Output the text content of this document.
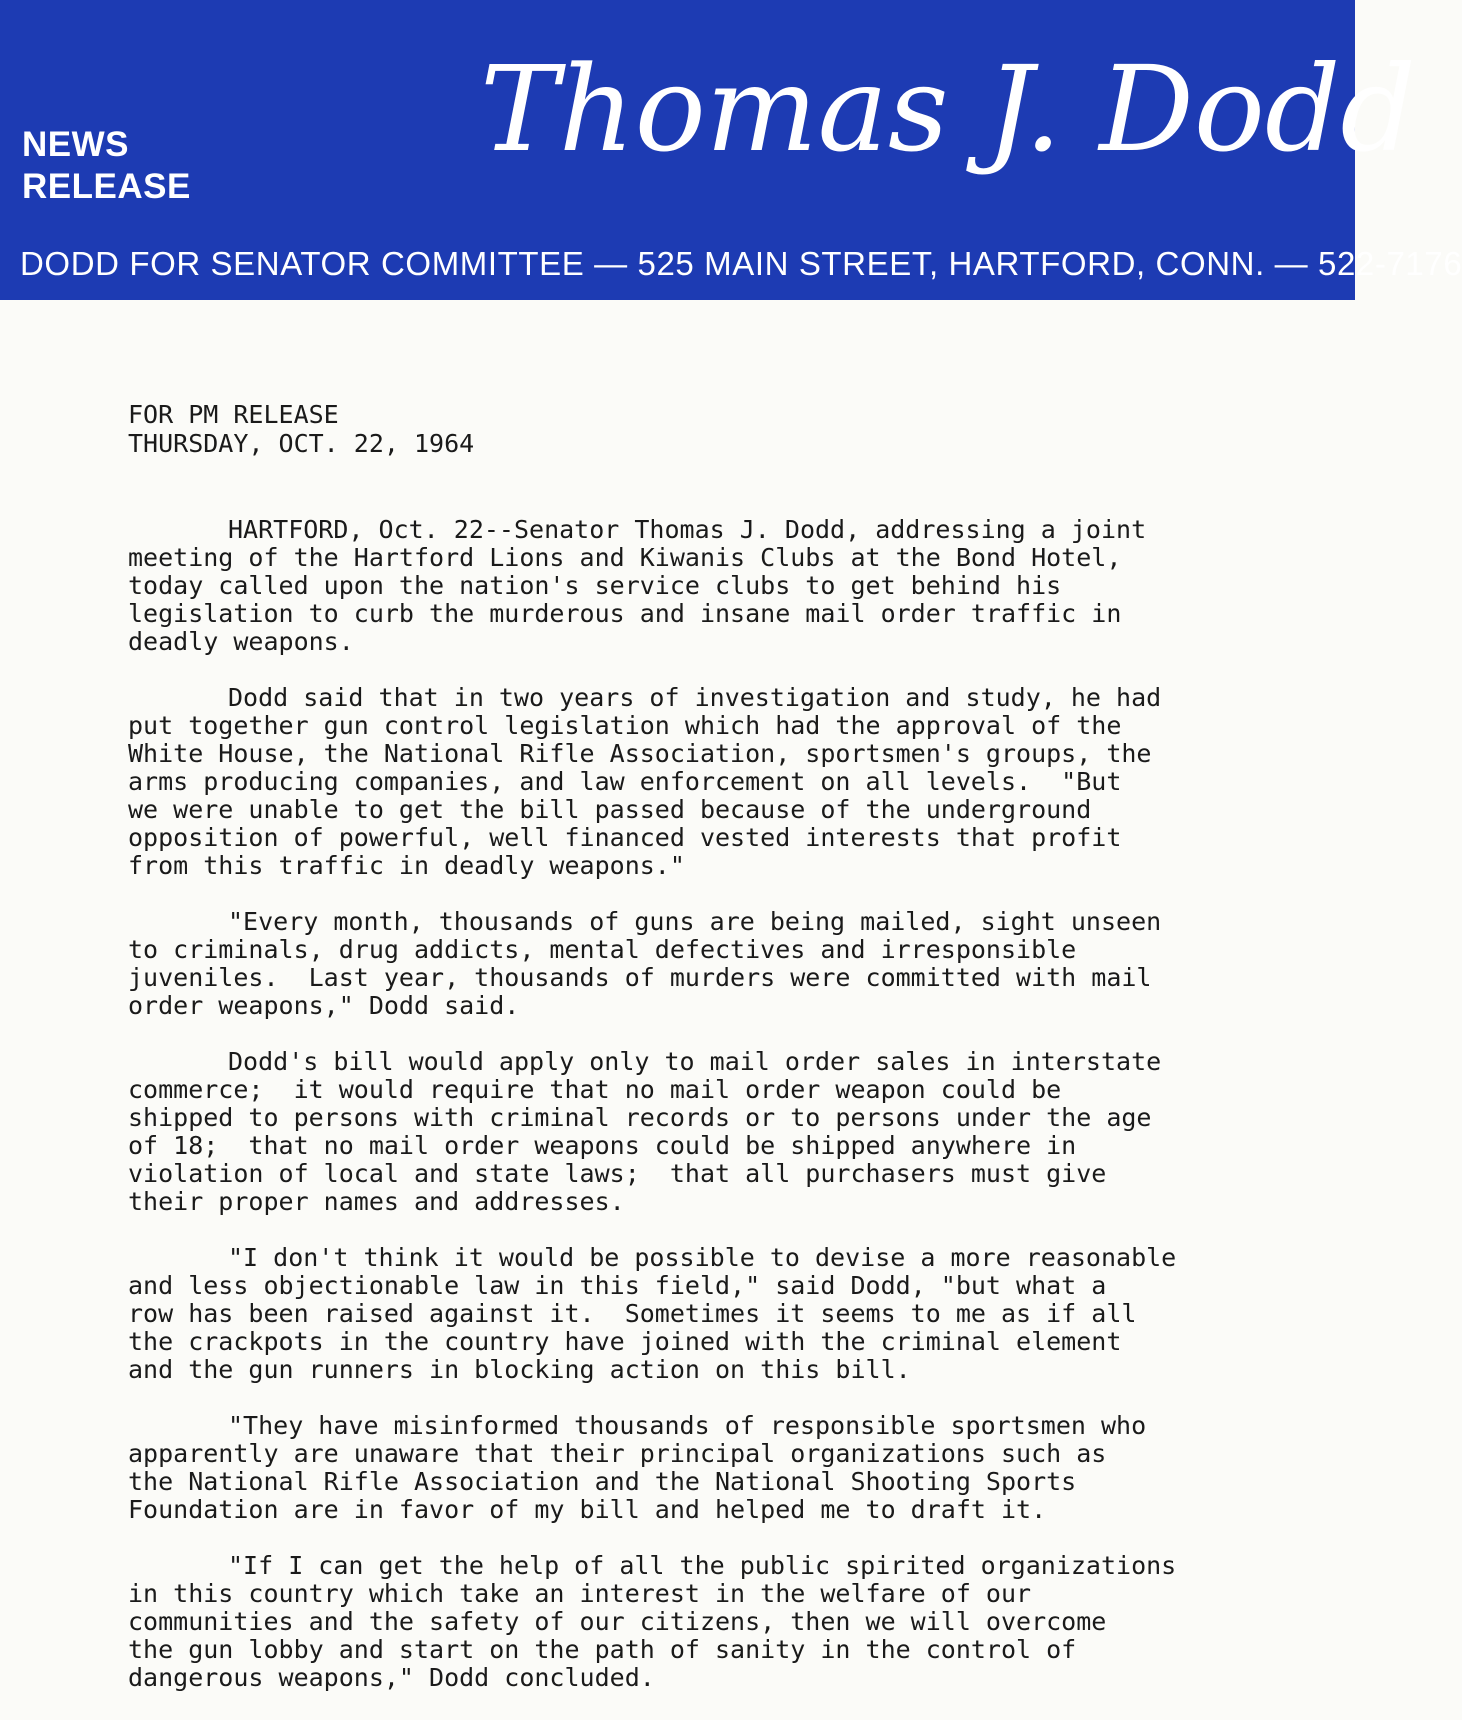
NEWS
RELEASE
Thomas J. Dodd
DODD FOR SENATOR COMMITTEE — 525 MAIN STREET, HARTFORD, CONN. — 522-7176
FOR PM RELEASE
THURSDAY, OCT. 22, 1964

HARTFORD, Oct. 22--Senator Thomas J. Dodd, addressing a joint
meeting of the Hartford Lions and Kiwanis Clubs at the Bond Hotel,
today called upon the nation's service clubs to get behind his
legislation to curb the murderous and insane mail order traffic in
deadly weapons.

Dodd said that in two years of investigation and study, he had
put together gun control legislation which had the approval of the
White House, the National Rifle Association, sportsmen's groups, the
arms producing companies, and law enforcement on all levels.  "But
we were unable to get the bill passed because of the underground
opposition of powerful, well financed vested interests that profit
from this traffic in deadly weapons."

"Every month, thousands of guns are being mailed, sight unseen
to criminals, drug addicts, mental defectives and irresponsible
juveniles.  Last year, thousands of murders were committed with mail
order weapons," Dodd said.

Dodd's bill would apply only to mail order sales in interstate
commerce;  it would require that no mail order weapon could be
shipped to persons with criminal records or to persons under the age
of 18;  that no mail order weapons could be shipped anywhere in
violation of local and state laws;  that all purchasers must give
their proper names and addresses.

"I don't think it would be possible to devise a more reasonable
and less objectionable law in this field," said Dodd, "but what a
row has been raised against it.  Sometimes it seems to me as if all
the crackpots in the country have joined with the criminal element
and the gun runners in blocking action on this bill.

"They have misinformed thousands of responsible sportsmen who
apparently are unaware that their principal organizations such as
the National Rifle Association and the National Shooting Sports
Foundation are in favor of my bill and helped me to draft it.

"If I can get the help of all the public spirited organizations
in this country which take an interest in the welfare of our
communities and the safety of our citizens, then we will overcome
the gun lobby and start on the path of sanity in the control of
dangerous weapons," Dodd concluded.
